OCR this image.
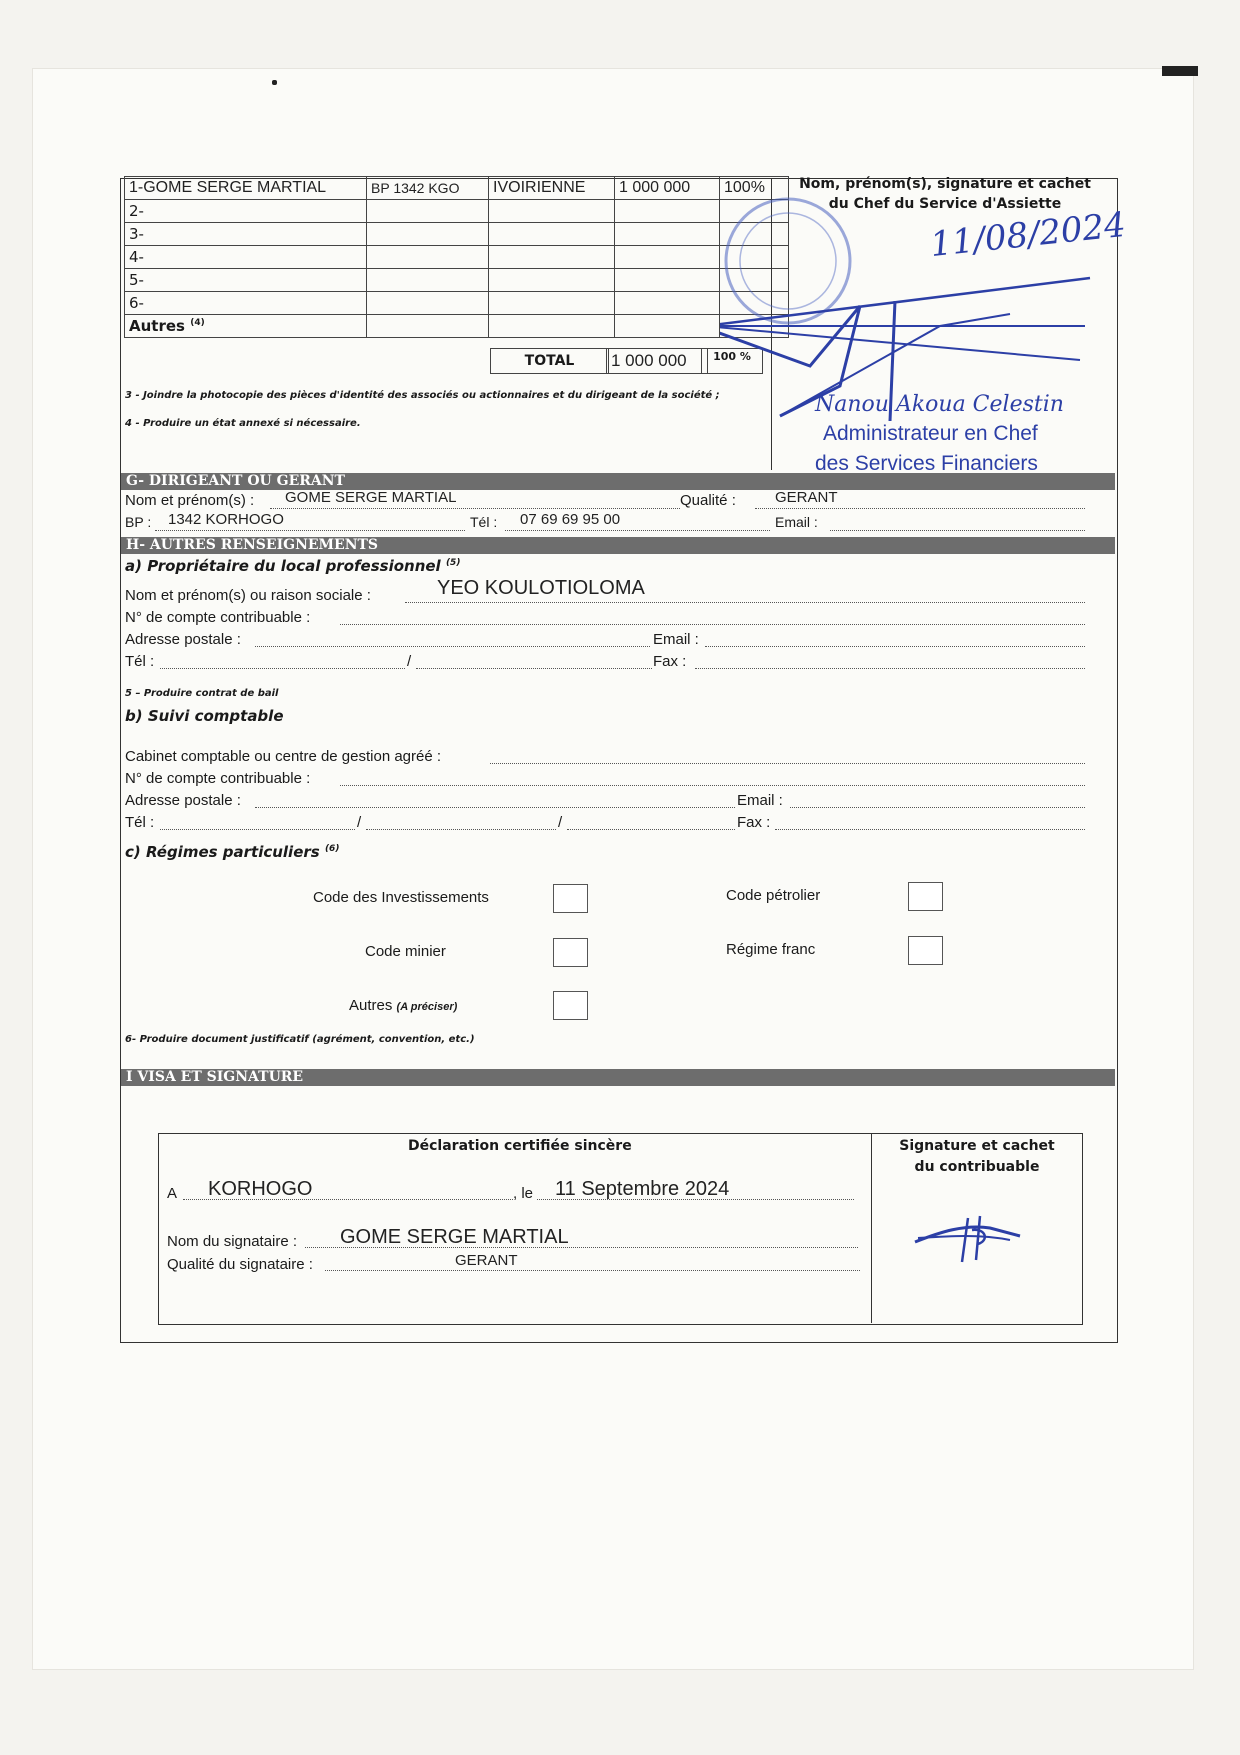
1-GOME SERGE MARTIAL	BP 1342 KGO	IVOIRIENNE	1 000 000	100%
2-				
3-				
4-				
5-				
6-				
Autres $^{(4)}$				
TOTAL	1 000 000	100 %
3 - Joindre la photocopie des pièces d'identité des associés ou actionnaires et du dirigeant de la société ;
4 - Produire un état annexé si nécessaire.
Nom, prénom(s), signature et cachet
du Chef du Service d'Assiette
11/08/2024
Nanou Akoua Celestin
Administrateur en Chef
des Services Financiers
G- DIRIGEANT OU GERANT
Nom et prénom(s) : GOME SERGE MARTIAL	Qualité :	GERANT
BP : 1342 KORHOGO	Tél : 07 69 69 95 00	Email :
H- AUTRES RENSEIGNEMENTS
a) Propriétaire du local professionnel $^{(5)}$
Nom et prénom(s) ou raison sociale :	YEO KOULOTIOLOMA
N° de compte contribuable :
Adresse postale :	Email :
Tél :	/	Fax :
5 – Produire contrat de bail
b) Suivi comptable
Cabinet comptable ou centre de gestion agréé :
N° de compte contribuable :
Adresse postale :	Email :
Tél :	/	/	Fax :
c) Régimes particuliers $^{(6)}$
Code des Investissements	Code pétrolier
Code minier	Régime franc
Autres (A préciser)
6- Produire document justificatif (agrément, convention, etc.)
I VISA ET SIGNATURE
Déclaration certifiée sincère
A KORHOGO	, le 11 Septembre 2024
Nom du signataire : GOME SERGE MARTIAL
Qualité du signataire :	GERANT
Signature et cachet
du contribuable
